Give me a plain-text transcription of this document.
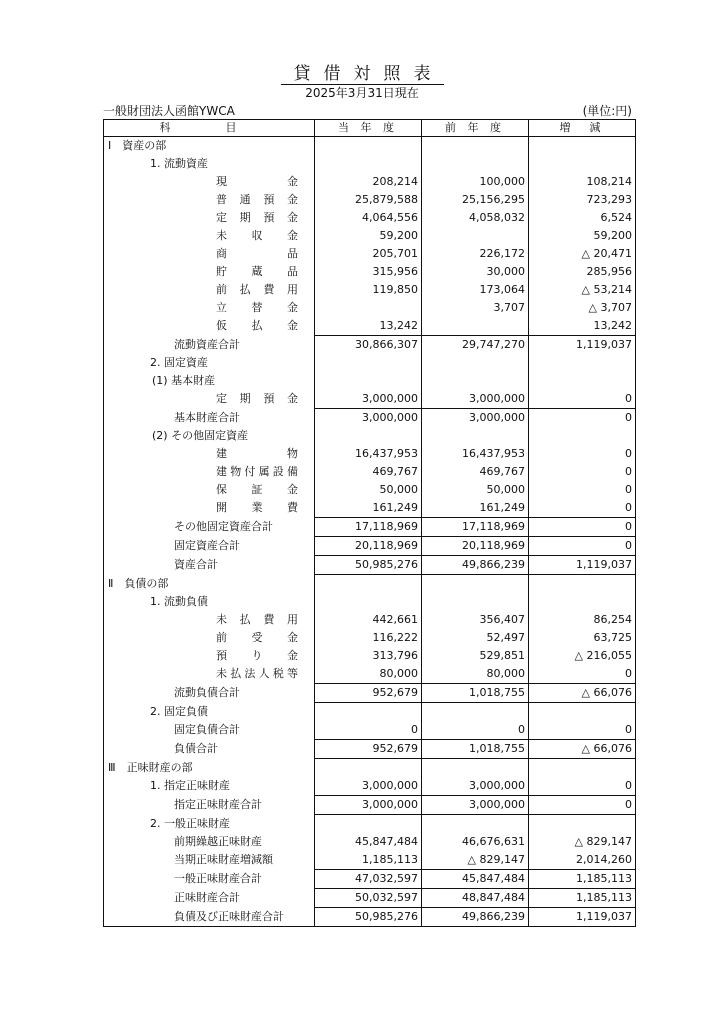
貸借対照表
2025年3月31日現在
一般財団法人函館YWCA	(単位:円)
科　目	当 年 度	前 年 度	増　減
Ⅰ　資産の部			
1. 流動資産			
現金	208,214	100,000	108,214
普通預金	25,879,588	25,156,295	723,293
定期預金	4,064,556	4,058,032	6,524
未収金	59,200		59,200
商品	205,701	226,172	△ 20,471
貯蔵品	315,956	30,000	285,956
前払費用	119,850	173,064	△ 53,214
立替金		3,707	△ 3,707
仮払金	13,242		13,242
流動資産合計	30,866,307	29,747,270	1,119,037
2. 固定資産			
(1) 基本財産			
定期預金	3,000,000	3,000,000	0
基本財産合計	3,000,000	3,000,000	0
(2) その他固定資産			
建物	16,437,953	16,437,953	0
建物付属設備	469,767	469,767	0
保証金	50,000	50,000	0
開業費	161,249	161,249	0
その他固定資産合計	17,118,969	17,118,969	0
固定資産合計	20,118,969	20,118,969	0
資産合計	50,985,276	49,866,239	1,119,037
Ⅱ　負債の部			
1. 流動負債			
未払費用	442,661	356,407	86,254
前受金	116,222	52,497	63,725
預り金	313,796	529,851	△ 216,055
未払法人税等	80,000	80,000	0
流動負債合計	952,679	1,018,755	△ 66,076
2. 固定負債			
固定負債合計	0	0	0
負債合計	952,679	1,018,755	△ 66,076
Ⅲ　正味財産の部			
1. 指定正味財産	3,000,000	3,000,000	0
指定正味財産合計	3,000,000	3,000,000	0
2. 一般正味財産			
前期繰越正味財産	45,847,484	46,676,631	△ 829,147
当期正味財産増減額	1,185,113	△ 829,147	2,014,260
一般正味財産合計	47,032,597	45,847,484	1,185,113
正味財産合計	50,032,597	48,847,484	1,185,113
負債及び正味財産合計	50,985,276	49,866,239	1,119,037
